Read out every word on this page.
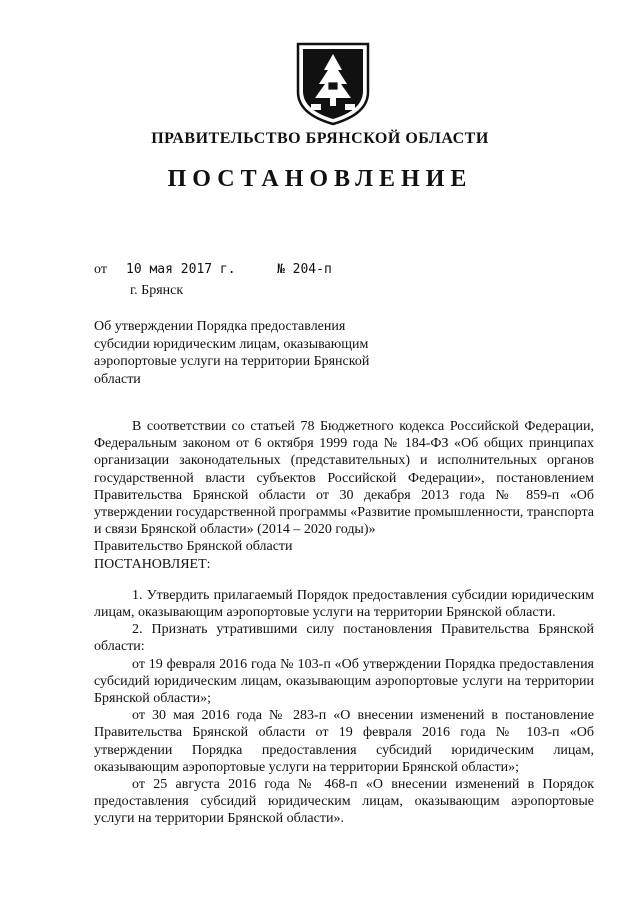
ПРАВИТЕЛЬСТВО БРЯНСКОЙ ОБЛАСТИ
ПОСТАНОВЛЕНИЕ
от 10 мая 2017 г.	№ 204-п
г. Брянск
Об утверждении Порядка предоставления субсидии юридическим лицам, оказывающим аэропортовые услуги на территории Брянской области

В соответствии со статьей 78 Бюджетного кодекса Российской Федерации, Федеральным законом от 6 октября 1999 года № 184-ФЗ «Об общих принципах организации законодательных (представительных) и исполнительных органов государственной власти субъектов Российской Федерации», постановлением Правительства Брянской области от 30 декабря 2013 года № 859-п «Об утверждении государственной программы «Развитие промышленности, транспорта и связи Брянской области» (2014 – 2020 годы)»

Правительство Брянской области

ПОСТАНОВЛЯЕТ:

1. Утвердить прилагаемый Порядок предоставления субсидии юридическим лицам, оказывающим аэропортовые услуги на территории Брянской области.

2. Признать утратившими силу постановления Правительства Брянской области:

от 19 февраля 2016 года № 103-п «Об утверждении Порядка предоставления субсидий юридическим лицам, оказывающим аэропортовые услуги на территории Брянской области»;

от 30 мая 2016 года № 283-п «О внесении изменений в постановление Правительства Брянской области от 19 февраля 2016 года № 103-п «Об утверждении Порядка предоставления субсидий юридическим лицам, оказывающим аэропортовые услуги на территории Брянской области»;

от 25 августа 2016 года № 468-п «О внесении изменений в Порядок предоставления субсидий юридическим лицам, оказывающим аэропортовые услуги на территории Брянской области».
